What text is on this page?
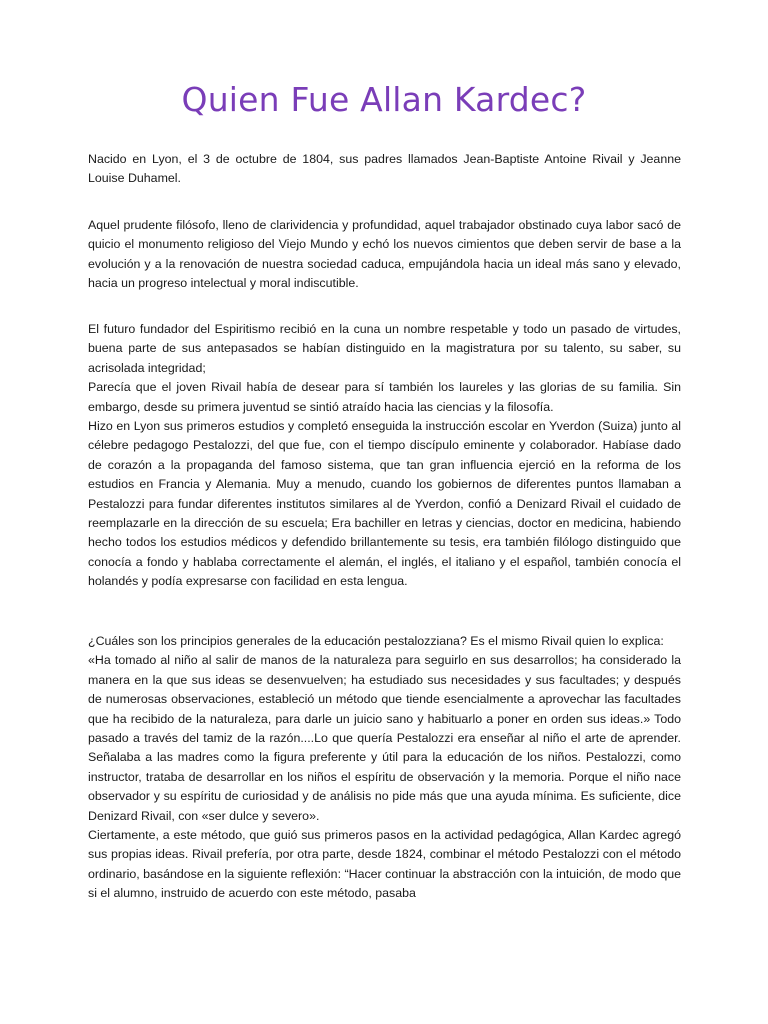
Quien Fue Allan Kardec?

Nacido en Lyon, el 3 de octubre de 1804, sus padres llamados Jean-Baptiste Antoine Rivail y Jeanne Louise Duhamel.

Aquel prudente filósofo, lleno de clarividencia y profundidad, aquel trabajador obstinado cuya labor sacó de quicio el monumento religioso del Viejo Mundo y echó los nuevos cimientos que deben servir de base a la evolución y a la renovación de nuestra sociedad caduca, empujándola hacia un ideal más sano y elevado, hacia un progreso intelectual y moral indiscutible.

El futuro fundador del Espiritismo recibió en la cuna un nombre respetable y todo un pasado de virtudes, buena parte de sus antepasados se habían distinguido en la magistratura por su talento, su saber, su acrisolada integridad;

Parecía que el joven Rivail había de desear para sí también los laureles y las glorias de su familia. Sin embargo, desde su primera juventud se sintió atraído hacia las ciencias y la filosofía.

Hizo en Lyon sus primeros estudios y completó enseguida la instrucción escolar en Yverdon (Suiza) junto al célebre pedagogo Pestalozzi, del que fue, con el tiempo discípulo eminente y colaborador. Habíase dado de corazón a la propaganda del famoso sistema, que tan gran influencia ejerció en la reforma de los estudios en Francia y Alemania. Muy a menudo, cuando los gobiernos de diferentes puntos llamaban a Pestalozzi para fundar diferentes institutos similares al de Yverdon, confió a Denizard Rivail el cuidado de reemplazarle en la dirección de su escuela; Era bachiller en letras y ciencias, doctor en medicina, habiendo hecho todos los estudios médicos y defendido brillantemente su tesis, era también filólogo distinguido que conocía a fondo y hablaba correctamente el alemán, el inglés, el italiano y el español, también conocía el holandés y podía expresarse con facilidad en esta lengua.

¿Cuáles son los principios generales de la educación pestalozziana? Es el mismo Rivail quien lo explica:

«Ha tomado al niño al salir de manos de la naturaleza para seguirlo en sus desarrollos; ha considerado la manera en la que sus ideas se desenvuelven; ha estudiado sus necesidades y sus facultades; y después de numerosas observaciones, estableció un método que tiende esencialmente a aprovechar las facultades que ha recibido de la naturaleza, para darle un juicio sano y habituarlo a poner en orden sus ideas.» Todo pasado a través del tamiz de la razón....Lo que quería Pestalozzi era enseñar al niño el arte de aprender. Señalaba a las madres como la figura preferente y útil para la educación de los niños. Pestalozzi, como instructor, trataba de desarrollar en los niños el espíritu de observación y la memoria. Porque el niño nace observador y su espíritu de curiosidad y de análisis no pide más que una ayuda mínima. Es suficiente, dice Denizard Rivail, con «ser dulce y severo».

Ciertamente, a este método, que guió sus primeros pasos en la actividad pedagógica, Allan Kardec agregó sus propias ideas. Rivail prefería, por otra parte, desde 1824, combinar el método Pestalozzi con el método ordinario, basándose en la siguiente reflexión: “Hacer continuar la abstracción con la intuición, de modo que si el alumno, instruido de acuerdo con este método, pasaba
